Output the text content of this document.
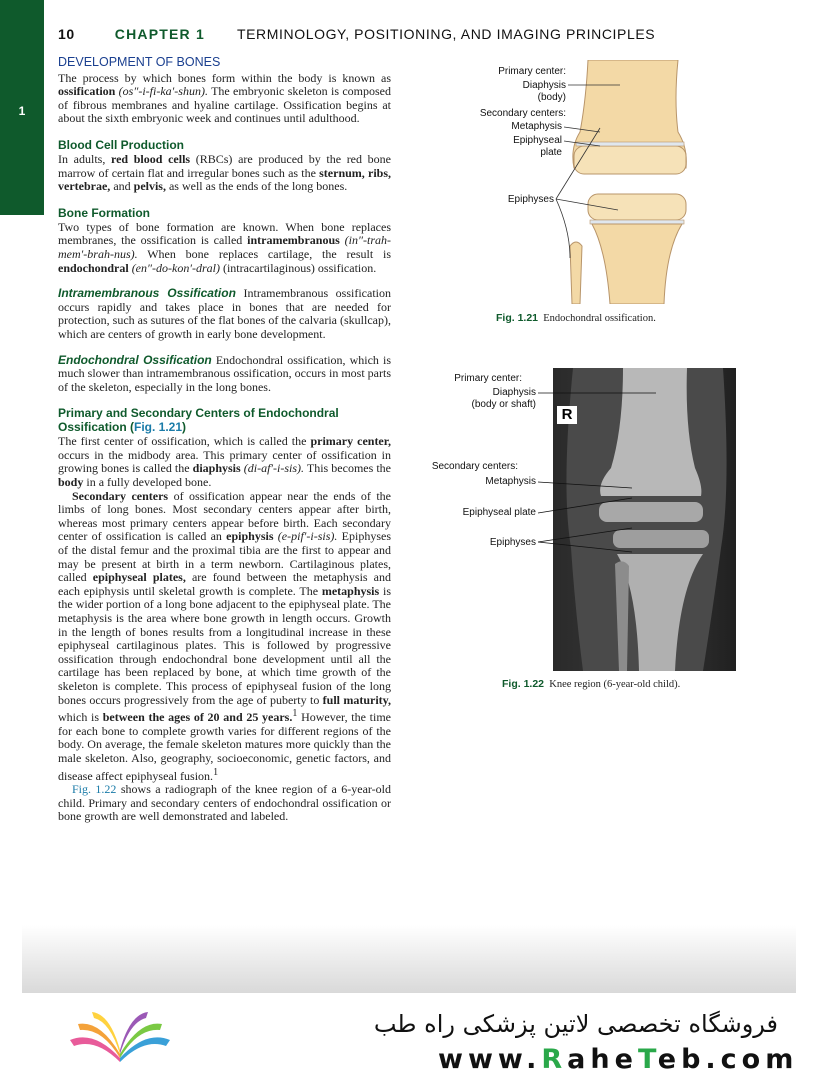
1
10	CHAPTER 1 TERMINOLOGY, POSITIONING, AND IMAGING PRINCIPLES
DEVELOPMENT OF BONES

The process by which bones form within the body is known as ossification (os″-i-fi-ka′-shun). The embryonic skeleton is composed of fibrous membranes and hyaline cartilage. Ossification begins at about the sixth embryonic week and continues until adulthood.

Blood Cell Production

In adults, red blood cells (RBCs) are produced by the red bone marrow of certain flat and irregular bones such as the sternum, ribs, vertebrae, and pelvis, as well as the ends of the long bones.

Bone Formation

Two types of bone formation are known. When bone replaces membranes, the ossification is called intramembranous (in″-trah-mem′-brah-nus). When bone replaces cartilage, the result is endochondral (en″-do-kon′-dral) (intracartilaginous) ossification.

Intramembranous Ossification Intramembranous ossification occurs rapidly and takes place in bones that are needed for protection, such as sutures of the flat bones of the calvaria (skullcap), which are centers of growth in early bone development.

Endochondral Ossification Endochondral ossification, which is much slower than intramembranous ossification, occurs in most parts of the skeleton, especially in the long bones.

Primary and Secondary Centers of Endochondral Ossification (Fig. 1.21)

The first center of ossification, which is called the primary center, occurs in the midbody area. This primary center of ossification in growing bones is called the diaphysis (di-af′-i-sis). This becomes the body in a fully developed bone.

Secondary centers of ossification appear near the ends of the limbs of long bones. Most secondary centers appear after birth, whereas most primary centers appear before birth. Each secondary center of ossification is called an epiphysis (e-pif′-i-sis). Epiphyses of the distal femur and the proximal tibia are the first to appear and may be present at birth in a term newborn. Cartilaginous plates, called epiphyseal plates, are found between the metaphysis and each epiphysis until skeletal growth is complete. The metaphysis is the wider portion of a long bone adjacent to the epiphyseal plate. The metaphysis is the area where bone growth in length occurs. Growth in the length of bones results from a longitudinal increase in these epiphyseal cartilaginous plates. This is followed by progressive ossification through endochondral bone development until all the cartilage has been replaced by bone, at which time growth of the skeleton is complete. This process of epiphyseal fusion of the long bones occurs progressively from the age of puberty to full maturity, which is between the ages of 20 and 25 years.$^1$ However, the time for each bone to complete growth varies for different regions of the body. On average, the female skeleton matures more quickly than the male skeleton. Also, geography, socioeconomic, genetic factors, and disease affect epiphyseal fusion.$^1$

Fig. 1.22 shows a radiograph of the knee region of a 6-year-old child. Primary and secondary centers of endochondral ossification or bone growth are well demonstrated and labeled.

Primary center:
Diaphysis
(body)
Secondary centers:
Metaphysis
Epiphyseal
plate
Epiphyses
Fig. 1.21 Endochondral ossification.
R
Primary center:
Diaphysis
(body or shaft)
Secondary centers:
Metaphysis
Epiphyseal plate
Epiphyses
Fig. 1.22 Knee region (6-year-old child).
فروشگاه تخصصی لاتین پزشکی راه طب
www.RaheTeb.com
